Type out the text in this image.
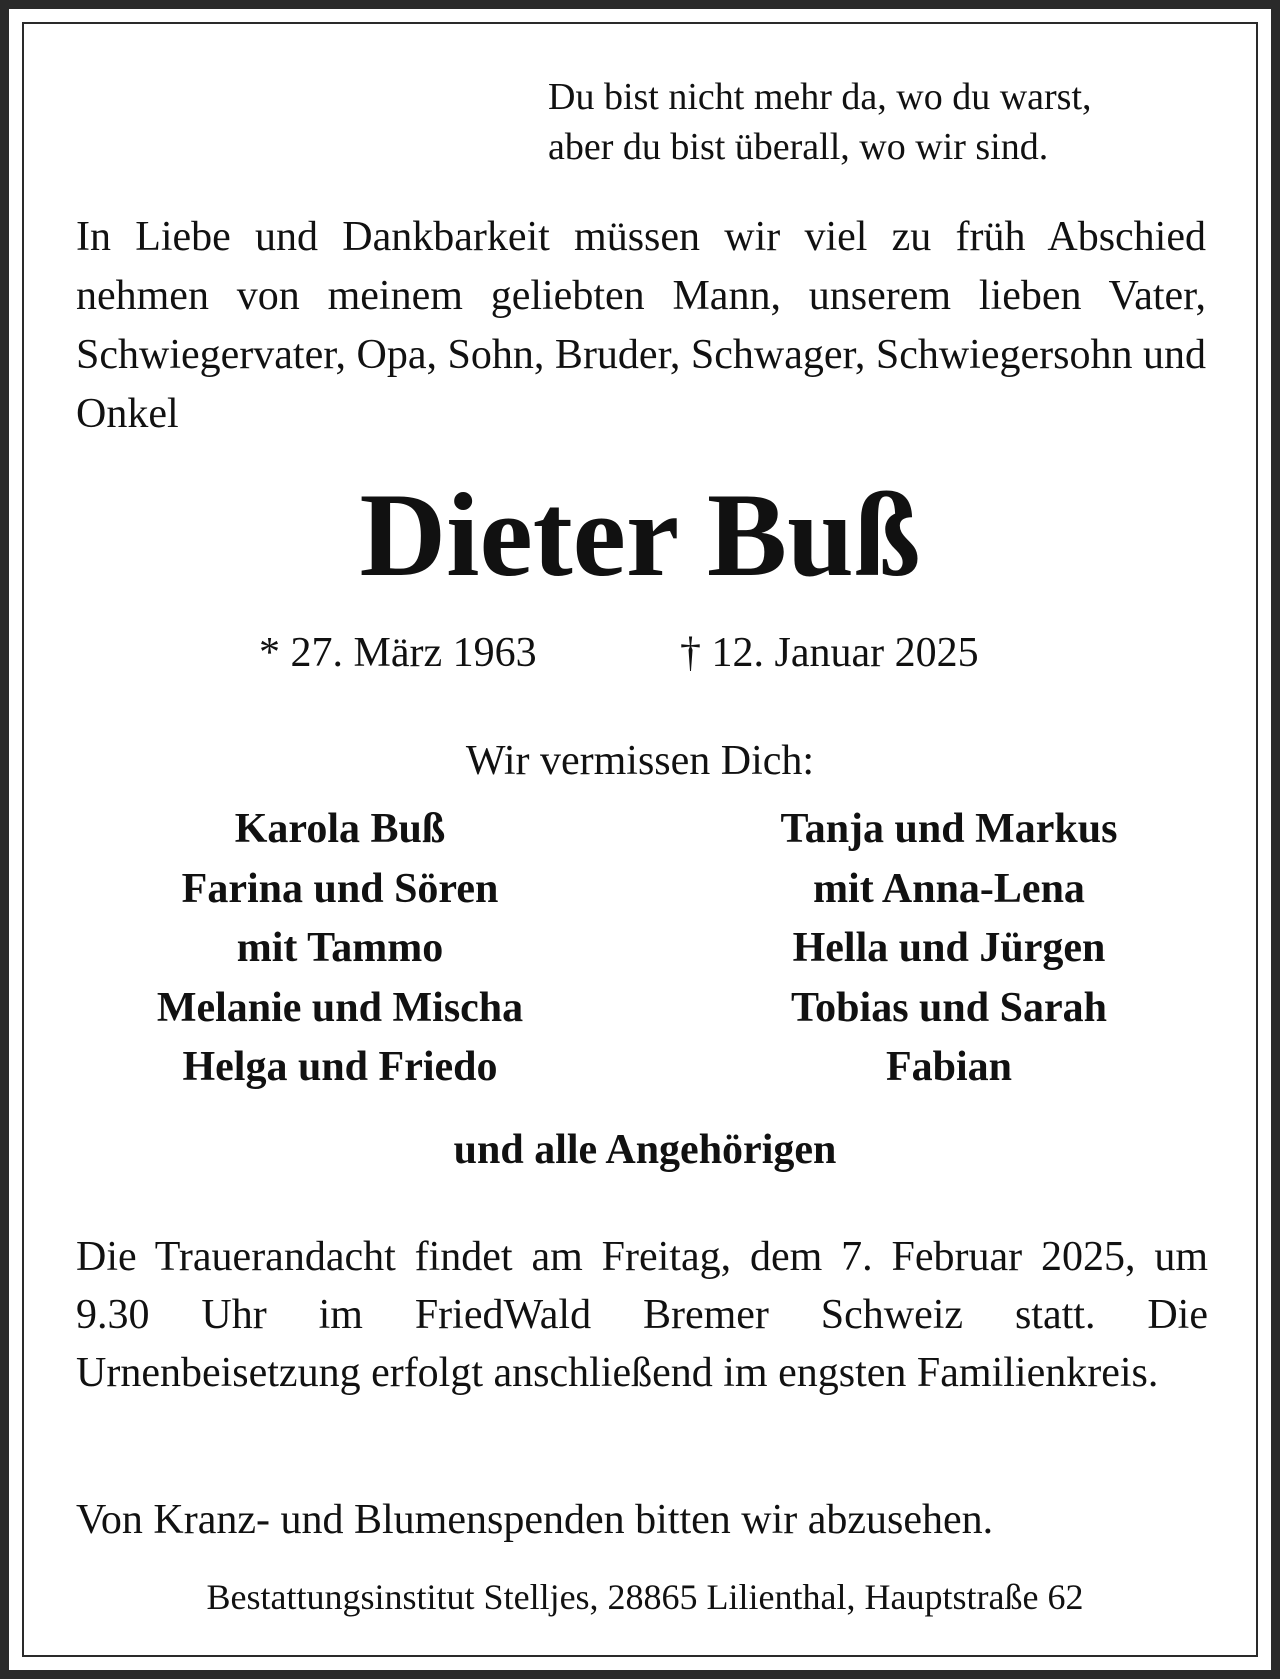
Du bist nicht mehr da, wo du warst,
aber du bist überall, wo wir sind.
In Liebe und Dankbarkeit müssen wir viel zu früh Abschied nehmen von meinem geliebten Mann, unserem lieben Vater, Schwiegervater, Opa, Sohn, Bruder, Schwager, Schwiegersohn und Onkel
Dieter Buß
* 27. März 1963	† 12. Januar 2025
Wir vermissen Dich:
Karola Buß
Farina und Sören
mit Tammo
Melanie und Mischa
Helga und Friedo
Tanja und Markus
mit Anna-Lena
Hella und Jürgen
Tobias und Sarah
Fabian
und alle Angehörigen
Die Trauerandacht findet am Freitag, dem 7. Februar 2025, um 9.30 Uhr im FriedWald Bremer Schweiz statt. Die Urnenbeisetzung erfolgt anschließend im engsten Familienkreis.
Von Kranz- und Blumenspenden bitten wir abzusehen.
Bestattungsinstitut Stelljes, 28865 Lilienthal, Hauptstraße 62
